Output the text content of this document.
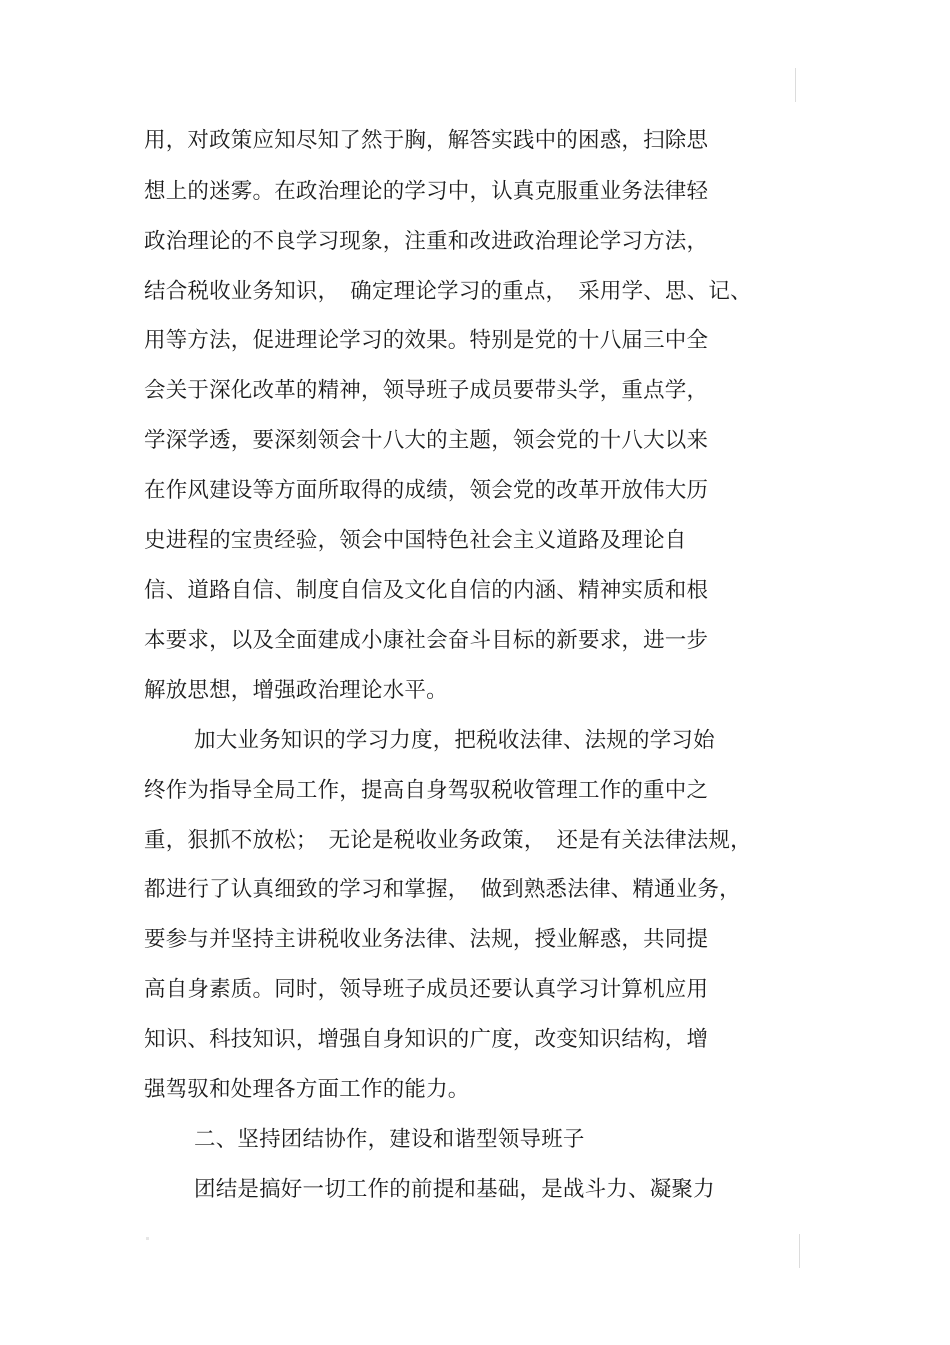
用，对政策应知尽知了然于胸，解答实践中的困惑，扫除思
想上的迷雾。在政治理论的学习中，认真克服重业务法律轻
政治理论的不良学习现象，注重和改进政治理论学习方法，
结合税收业务知识，　确定理论学习的重点，　采用学、思、记、
用等方法，促进理论学习的效果。特别是党的十八届三中全
会关于深化改革的精神，领导班子成员要带头学，重点学，
学深学透，要深刻领会十八大的主题，领会党的十八大以来
在作风建设等方面所取得的成绩，领会党的改革开放伟大历
史进程的宝贵经验，领会中国特色社会主义道路及理论自
信、道路自信、制度自信及文化自信的内涵、精神实质和根
本要求，以及全面建成小康社会奋斗目标的新要求，进一步
解放思想，增强政治理论水平。
加大业务知识的学习力度，把税收法律、法规的学习始
终作为指导全局工作，提高自身驾驭税收管理工作的重中之
重，狠抓不放松；　无论是税收业务政策，　还是有关法律法规，
都进行了认真细致的学习和掌握，　做到熟悉法律、精通业务，
要参与并坚持主讲税收业务法律、法规，授业解惑，共同提
高自身素质。同时，领导班子成员还要认真学习计算机应用
知识、科技知识，增强自身知识的广度，改变知识结构，增
强驾驭和处理各方面工作的能力。
二、坚持团结协作，建设和谐型领导班子
团结是搞好一切工作的前提和基础，是战斗力、凝聚力
